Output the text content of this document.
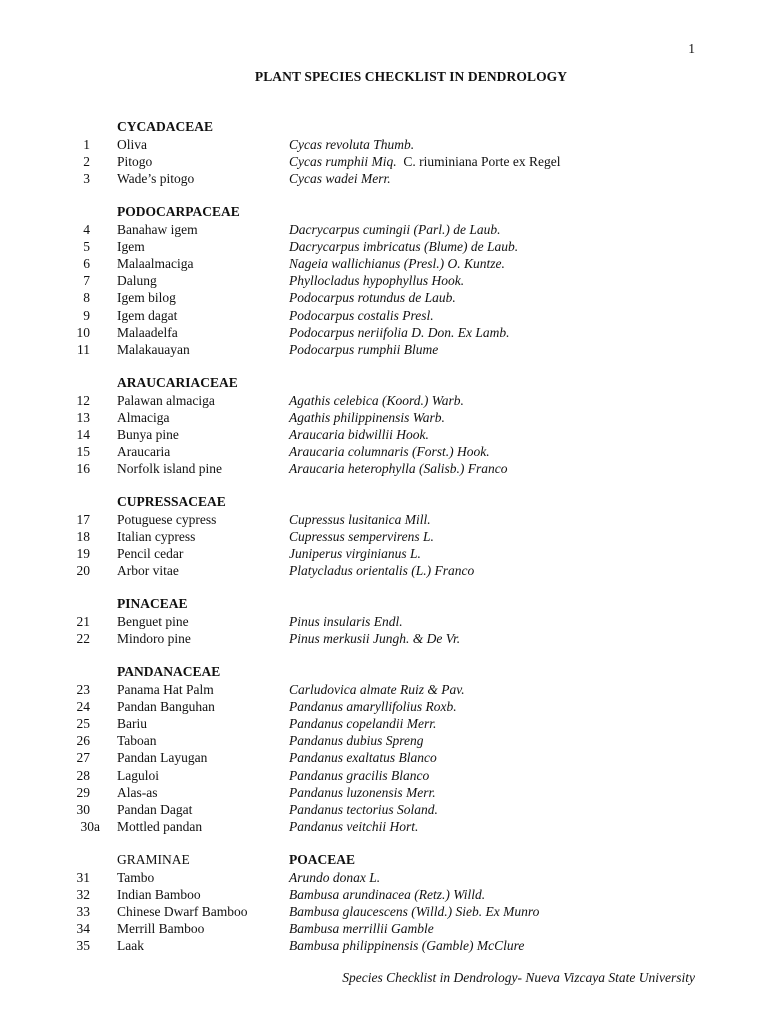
1
PLANT SPECIES CHECKLIST IN DENDROLOGY
CYCADACEAE
1 Oliva	Cycas revoluta Thumb.
2 Pitogo	Cycas rumphii Miq.  C. riuminiana Porte ex Regel
3 Wade’s pitogo	Cycas wadei Merr.
PODOCARPACEAE
4 Banahaw igem	Dacrycarpus cumingii (Parl.) de Laub.
5 Igem	Dacrycarpus imbricatus (Blume) de Laub.
6 Malaalmaciga	Nageia wallichianus (Presl.) O. Kuntze.
7 Dalung	Phyllocladus hypophyllus Hook.
8 Igem bilog	Podocarpus rotundus de Laub.
9 Igem dagat	Podocarpus costalis Presl.
10 Malaadelfa	Podocarpus neriifolia D. Don. Ex Lamb.
11 Malakauayan	Podocarpus rumphii Blume
ARAUCARIACEAE
12 Palawan almaciga	Agathis celebica (Koord.) Warb.
13 Almaciga	Agathis philippinensis Warb.
14 Bunya pine	Araucaria bidwillii Hook.
15 Araucaria	Araucaria columnaris (Forst.) Hook.
16 Norfolk island pine	Araucaria heterophylla (Salisb.) Franco
CUPRESSACEAE
17 Potuguese cypress	Cupressus lusitanica Mill.
18 Italian cypress	Cupressus sempervirens L.
19 Pencil cedar	Juniperus virginianus L.
20 Arbor vitae	Platycladus orientalis (L.) Franco
PINACEAE
21 Benguet pine	Pinus insularis Endl.
22 Mindoro pine	Pinus merkusii Jungh. & De Vr.
PANDANACEAE
23 Panama Hat Palm	Carludovica almate Ruiz & Pav.
24 Pandan Banguhan	Pandanus amaryllifolius Roxb.
25 Bariu	Pandanus copelandii Merr.
26 Taboan	Pandanus dubius Spreng
27 Pandan Layugan	Pandanus exaltatus Blanco
28 Laguloi	Pandanus gracilis Blanco
29 Alas-as	Pandanus luzonensis Merr.
30 Pandan Dagat	Pandanus tectorius Soland.
30a Mottled pandan	Pandanus veitchii Hort.
GRAMINAE	POACEAE
31 Tambo	Arundo donax L.
32 Indian Bamboo	Bambusa arundinacea (Retz.) Willd.
33 Chinese Dwarf Bamboo	Bambusa glaucescens (Willd.) Sieb. Ex Munro
34 Merrill Bamboo	Bambusa merrillii Gamble
35 Laak	Bambusa philippinensis (Gamble) McClure
Species Checklist in Dendrology- Nueva Vizcaya State University
